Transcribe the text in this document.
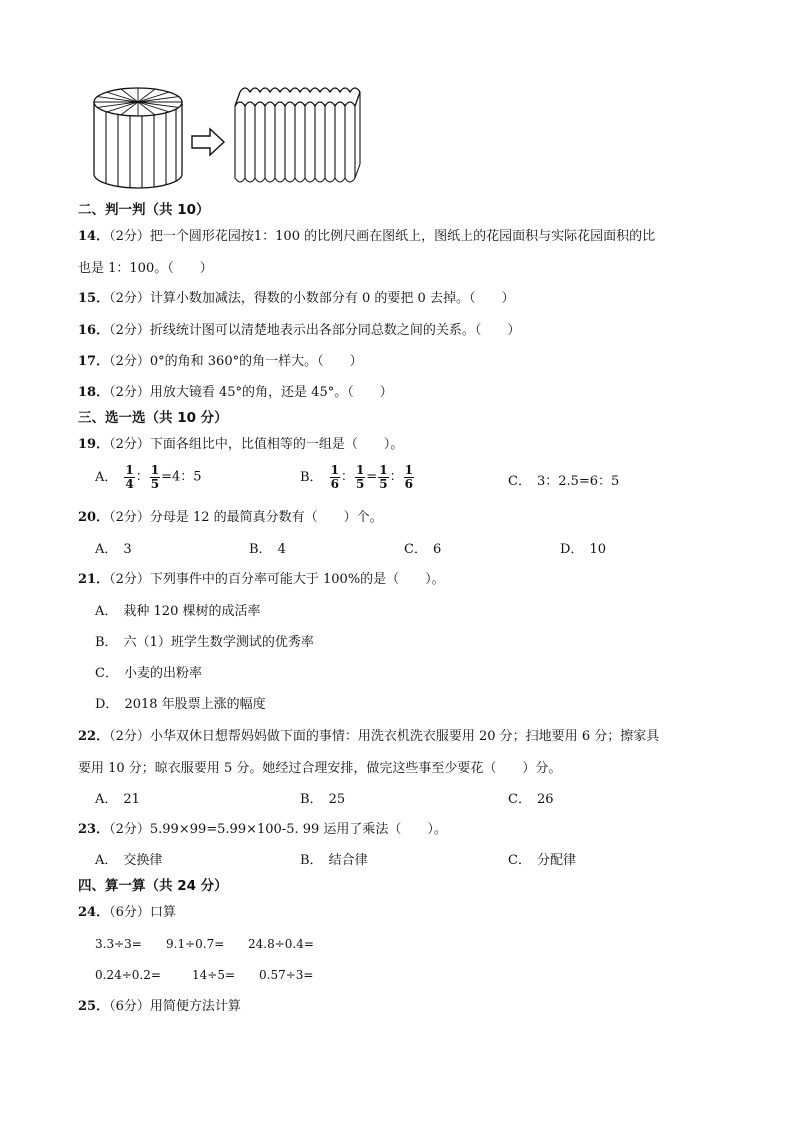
二、判一判（共 10）
14．（2分）把一个圆形花园按1：100 的比例尺画在图纸上，图纸上的花园面积与实际花园面积的比
也是 1：100。（　　）
15．（2分）计算小数加减法，得数的小数部分有 0 的要把 0 去掉。（　　）
16．（2分）折线统计图可以清楚地表示出各部分同总数之间的关系。（　　）
17．（2分）0°的角和 360°的角一样大。（　　）
18．（2分）用放大镜看 45°的角，还是 45°。（　　）
三、选一选（共 10 分）
19．（2分）下面各组比中，比值相等的一组是（　　）。
A． $\frac{1}{4}$ ： $\frac{1}{5} =4$：5	B． $\frac{1}{6}$ ： $\frac{1}{5} = \frac{1}{5}$ ： $\frac{1}{6}$	C． 3：2.5=6：5
20．（2分）分母是 12 的最简真分数有（　　）个。
A． 3	B． 4	C． 6	D． 10
21．（2分）下列事件中的百分率可能大于 100%的是（　　）。
A． 栽种 120 棵树的成活率
B． 六（1）班学生数学测试的优秀率
C． 小麦的出粉率
D． 2018 年股票上涨的幅度
22．（2分）小华双休日想帮妈妈做下面的事情：用洗衣机洗衣服要用 20 分；扫地要用 6 分；擦家具
要用 10 分；晾衣服要用 5 分。她经过合理安排，做完这些事至少要花（　　）分。
A． 21	B． 25	C． 26
23．（2分）5.99×99=5.99×100-5. 99 运用了乘法（　　）。
A． 交换律	B． 结合律	C． 分配律
四、算一算（共 24 分）
24．（6分）口算
3.3÷3= 9.1÷0.7= 24.8÷0.4=
0.24÷0.2=	14÷5= 0.57÷3=
25．（6分）用简便方法计算
